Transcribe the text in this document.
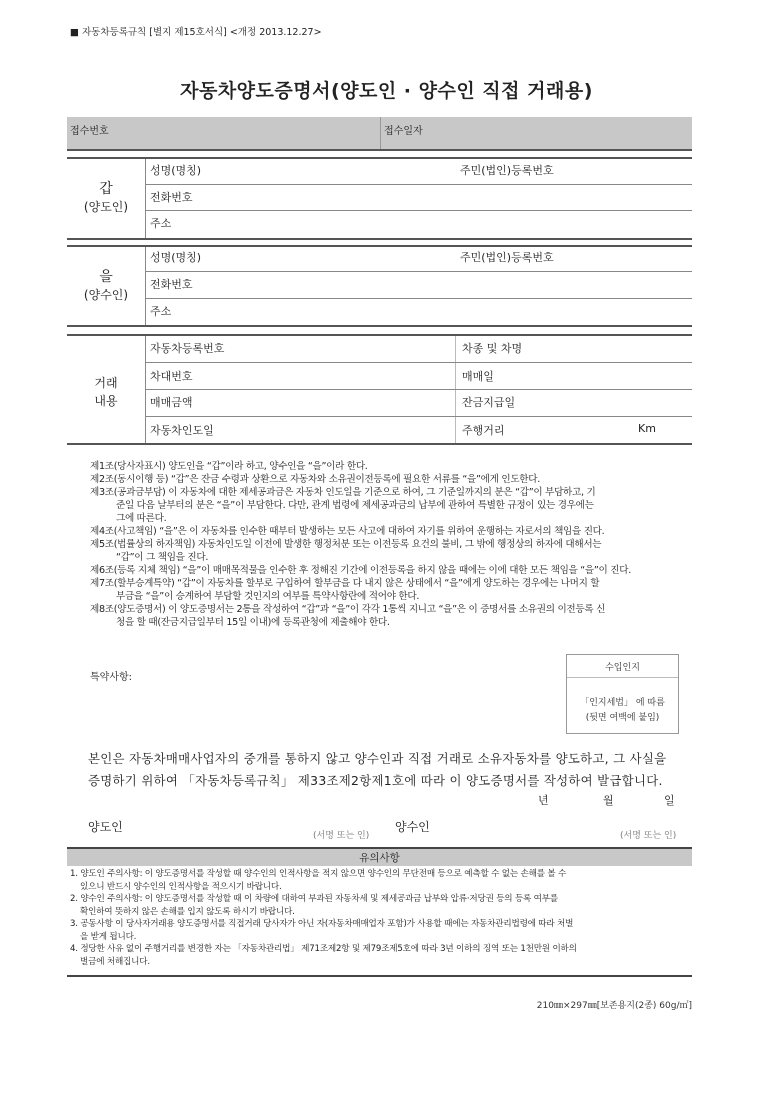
■ 자동차등록규칙 [별지 제15호서식] <개정 2013.12.27>
자동차양도증명서(양도인 · 양수인 직접 거래용)
접수번호	접수일자
갑
(양도인)
성명(명칭)	주민(법인)등록번호
전화번호
주소
을
(양수인)
성명(명칭)	주민(법인)등록번호
전화번호
주소
거래
내용
자동차등록번호	차종 및 차명
차대번호	매매일
매매금액	잔금지급일
자동차인도일	주행거리	Km

제1조(당사자표시) 양도인을 “갑”이라 하고, 양수인을 “을”이라 한다.

제2조(동시이행 등) “갑”은 잔금 수령과 상환으로 자동차와 소유권이전등록에 필요한 서류를 “을”에게 인도한다.

제3조(공과금부담) 이 자동차에 대한 제세공과금은 자동차 인도일을 기준으로 하여, 그 기준일까지의 분은 “갑”이 부담하고, 기

준일 다음 날부터의 분은 “을”이 부담한다. 다만, 관계 법령에 제세공과금의 납부에 관하여 특별한 규정이 있는 경우에는

그에 따른다.

제4조(사고책임) “을”은 이 자동차를 인수한 때부터 발생하는 모든 사고에 대하여 자기를 위하여 운행하는 자로서의 책임을 진다.

제5조(법률상의 하자책임) 자동차인도일 이전에 발생한 행정처분 또는 이전등록 요건의 불비, 그 밖에 행정상의 하자에 대해서는

“갑”이 그 책임을 진다.

제6조(등록 지체 책임) “을”이 매매목적물을 인수한 후 정해진 기간에 이전등록을 하지 않을 때에는 이에 대한 모든 책임을 “을”이 진다.

제7조(할부승계특약) “갑”이 자동차를 할부로 구입하여 할부금을 다 내지 않은 상태에서 “을”에게 양도하는 경우에는 나머지 할

부금을 “을”이 승계하여 부담할 것인지의 여부를 특약사항란에 적어야 한다.

제8조(양도증명서) 이 양도증명서는 2통을 작성하여 “갑”과 “을”이 각각 1통씩 지니고 “을”은 이 증명서를 소유권의 이전등록 신

청을 할 때(잔금지급일부터 15일 이내)에 등록관청에 제출해야 한다.

특약사항:
수입인지
「인지세법」 에 따름
(뒷면 여백에 붙임)
본인은 자동차매매사업자의 중개를 통하지 않고 양수인과 직접 거래로 소유자동차를 양도하고, 그 사실을
증명하기 위하여 「자동차등록규칙」 제33조제2항제1호에 따라 이 양도증명서를 작성하여 발급합니다.
년	월	일
양도인
(서명 또는 인)
양수인
(서명 또는 인)
유의사항

1. 양도인 주의사항: 이 양도증명서를 작성할 때 양수인의 인적사항을 적지 않으면 양수인의 무단전매 등으로 예측할 수 없는 손해를 볼 수

있으니 반드시 양수인의 인적사항을 적으시기 바랍니다.

2. 양수인 주의사항: 이 양도증명서를 작성할 때 이 차량에 대하여 부과된 자동차세 및 제세공과금 납부와 압류·저당권 등의 등록 여부를

확인하여 뜻하지 않은 손해를 입지 않도록 하시기 바랍니다.

3. 공동사항 이 당사자거래용 양도증명서를 직접거래 당사자가 아닌 자(자동차매매업자 포함)가 사용할 때에는 자동차관리법령에 따라 처벌

을 받게 됩니다.

4. 정당한 사유 없이 주행거리를 변경한 자는 「자동차관리법」 제71조제2항 및 제79조제5호에 따라 3년 이하의 징역 또는 1천만원 이하의

벌금에 처해집니다.

210㎜×297㎜[보존용지(2종) 60g/㎡]
